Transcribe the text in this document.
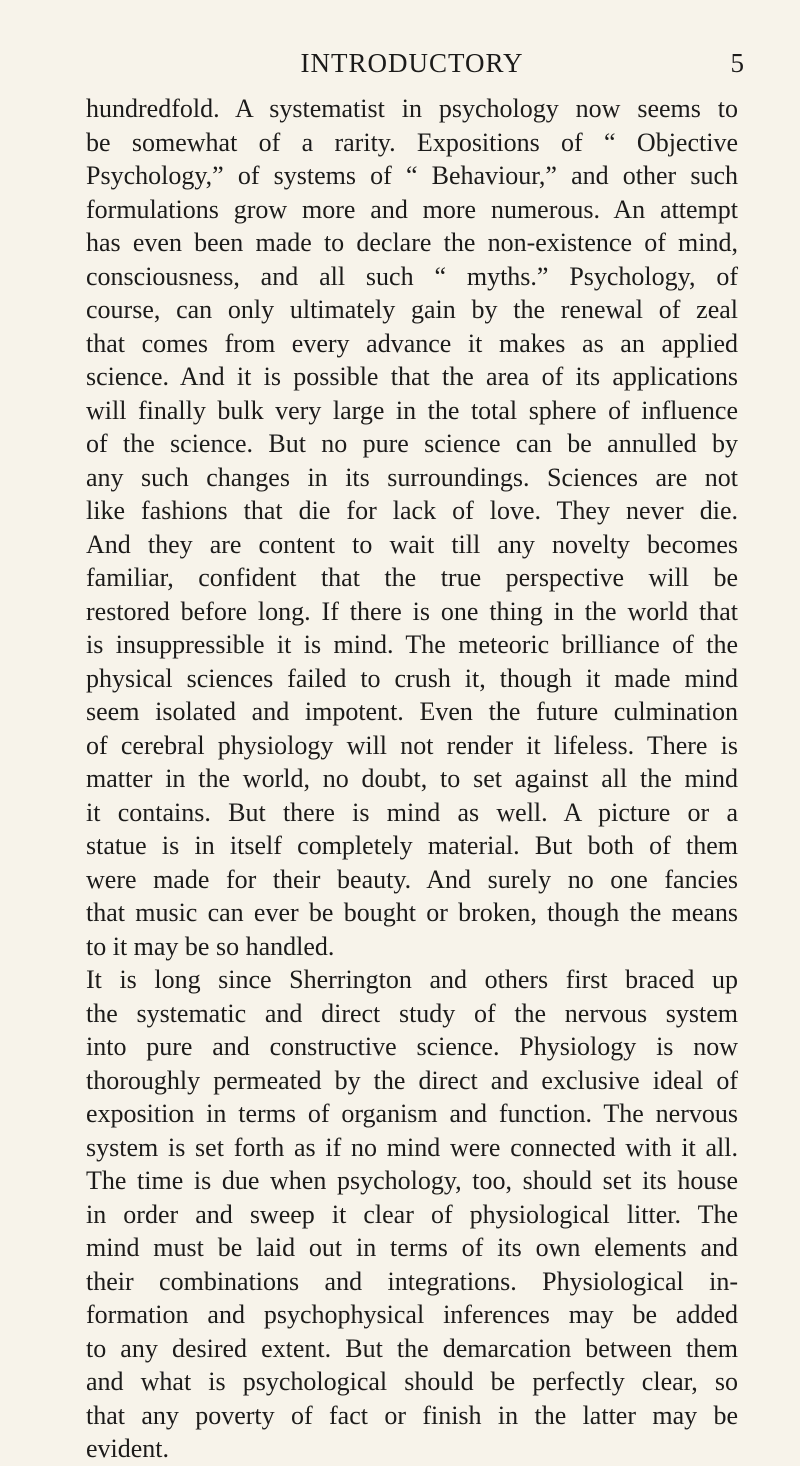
INTRODUCTORY	5
hundredfold. A systematist in psychology now seems to
be somewhat of a rarity. Expositions of “ Objective
Psychology,” of systems of “ Behaviour,” and other such
formulations grow more and more numerous. An attempt
has even been made to declare the non-existence of mind,
consciousness, and all such “ myths.” Psychology, of
course, can only ultimately gain by the renewal of zeal
that comes from every advance it makes as an applied
science. And it is possible that the area of its applications
will finally bulk very large in the total sphere of influence
of the science. But no pure science can be annulled by
any such changes in its surroundings. Sciences are not
like fashions that die for lack of love. They never die.
And they are content to wait till any novelty becomes
familiar, confident that the true perspective will be
restored before long. If there is one thing in the world that
is insuppressible it is mind. The meteoric brilliance of the
physical sciences failed to crush it, though it made mind
seem isolated and impotent. Even the future culmination
of cerebral physiology will not render it lifeless. There is
matter in the world, no doubt, to set against all the mind
it contains. But there is mind as well. A picture or a
statue is in itself completely material. But both of them
were made for their beauty. And surely no one fancies
that music can ever be bought or broken, though the means
to it may be so handled.
It is long since Sherrington and others first braced up
the systematic and direct study of the nervous system
into pure and constructive science. Physiology is now
thoroughly permeated by the direct and exclusive ideal of
exposition in terms of organism and function. The nervous
system is set forth as if no mind were connected with it all.
The time is due when psychology, too, should set its house
in order and sweep it clear of physiological litter. The
mind must be laid out in terms of its own elements and
their combinations and integrations. Physiological in-
formation and psychophysical inferences may be added
to any desired extent. But the demarcation between them
and what is psychological should be perfectly clear, so
that any poverty of fact or finish in the latter may be
evident.
